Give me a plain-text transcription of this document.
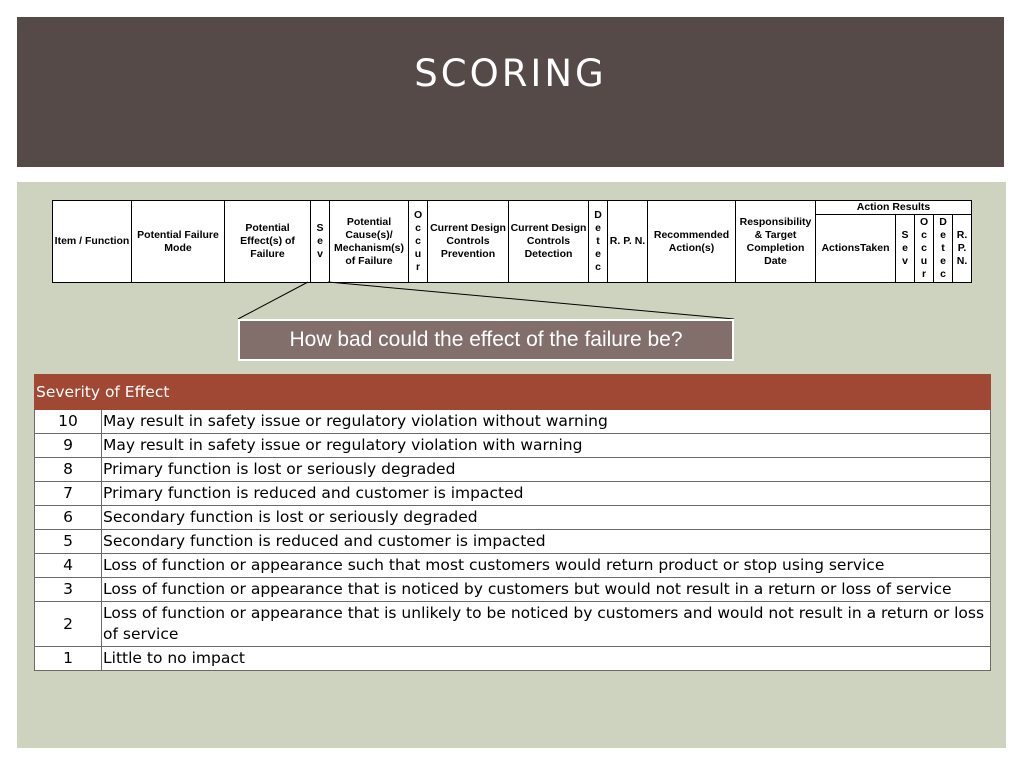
SCORING
Item / Function	Potential Failure Mode	Potential Effect(s) of Failure	Sev	Potential Cause(s)/ Mechanism(s) of Failure	Occur	Current Design Controls Prevention	Current Design Controls Detection	Detec	R. P. N.	Recommended Action(s)	Responsibility & Target Completion Date	Action Results				
												ActionsTaken	Sev	Occur	Detec	R. P. N.
How bad could the effect of the failure be?
Severity of Effect	
10	May result in safety issue or regulatory violation without warning
9	May result in safety issue or regulatory violation with warning
8	Primary function is lost or seriously degraded
7	Primary function is reduced and customer is impacted
6	Secondary function is lost or seriously degraded
5	Secondary function is reduced and customer is impacted
4	Loss of function or appearance such that most customers would return product or stop using service
3	Loss of function or appearance that is noticed by customers but would not result in a return or loss of service
2	Loss of function or appearance that is unlikely to be noticed by customers and would not result in a return or loss of service
1	Little to no impact
